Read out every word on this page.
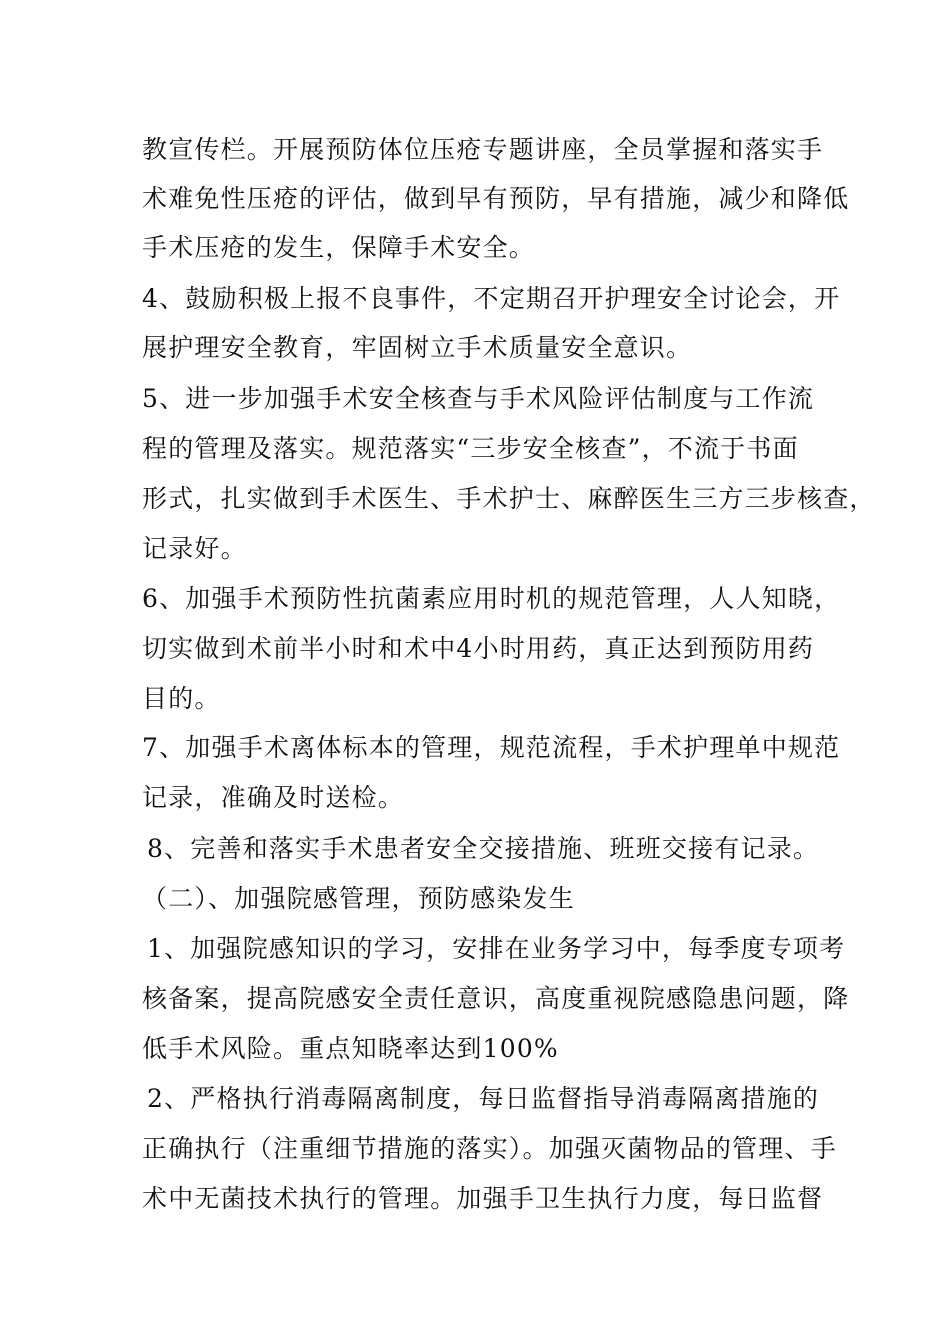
教宣传栏。开展预防体位压疮专题讲座，全员掌握和落实手
术难免性压疮的评估，做到早有预防，早有措施，减少和降低
手术压疮的发生，保障手术安全。
4、鼓励积极上报不良事件，不定期召开护理安全讨论会，开
展护理安全教育，牢固树立手术质量安全意识。
5、进一步加强手术安全核查与手术风险评估制度与工作流
程的管理及落实。规范落实“三步安全核查”，不流于书面
形式，扎实做到手术医生、手术护士、麻醉医生三方三步核查，
记录好。
6、加强手术预防性抗菌素应用时机的规范管理，人人知晓，
切实做到术前半小时和术中4小时用药，真正达到预防用药
目的。
7、加强手术离体标本的管理，规范流程，手术护理单中规范
记录，准确及时送检。
8、完善和落实手术患者安全交接措施、班班交接有记录。
（二）、加强院感管理，预防感染发生
1、加强院感知识的学习，安排在业务学习中，每季度专项考
核备案，提高院感安全责任意识，高度重视院感隐患问题，降
低手术风险。重点知晓率达到100%
2、严格执行消毒隔离制度，每日监督指导消毒隔离措施的
正确执行（注重细节措施的落实）。加强灭菌物品的管理、手
术中无菌技术执行的管理。加强手卫生执行力度，每日监督
